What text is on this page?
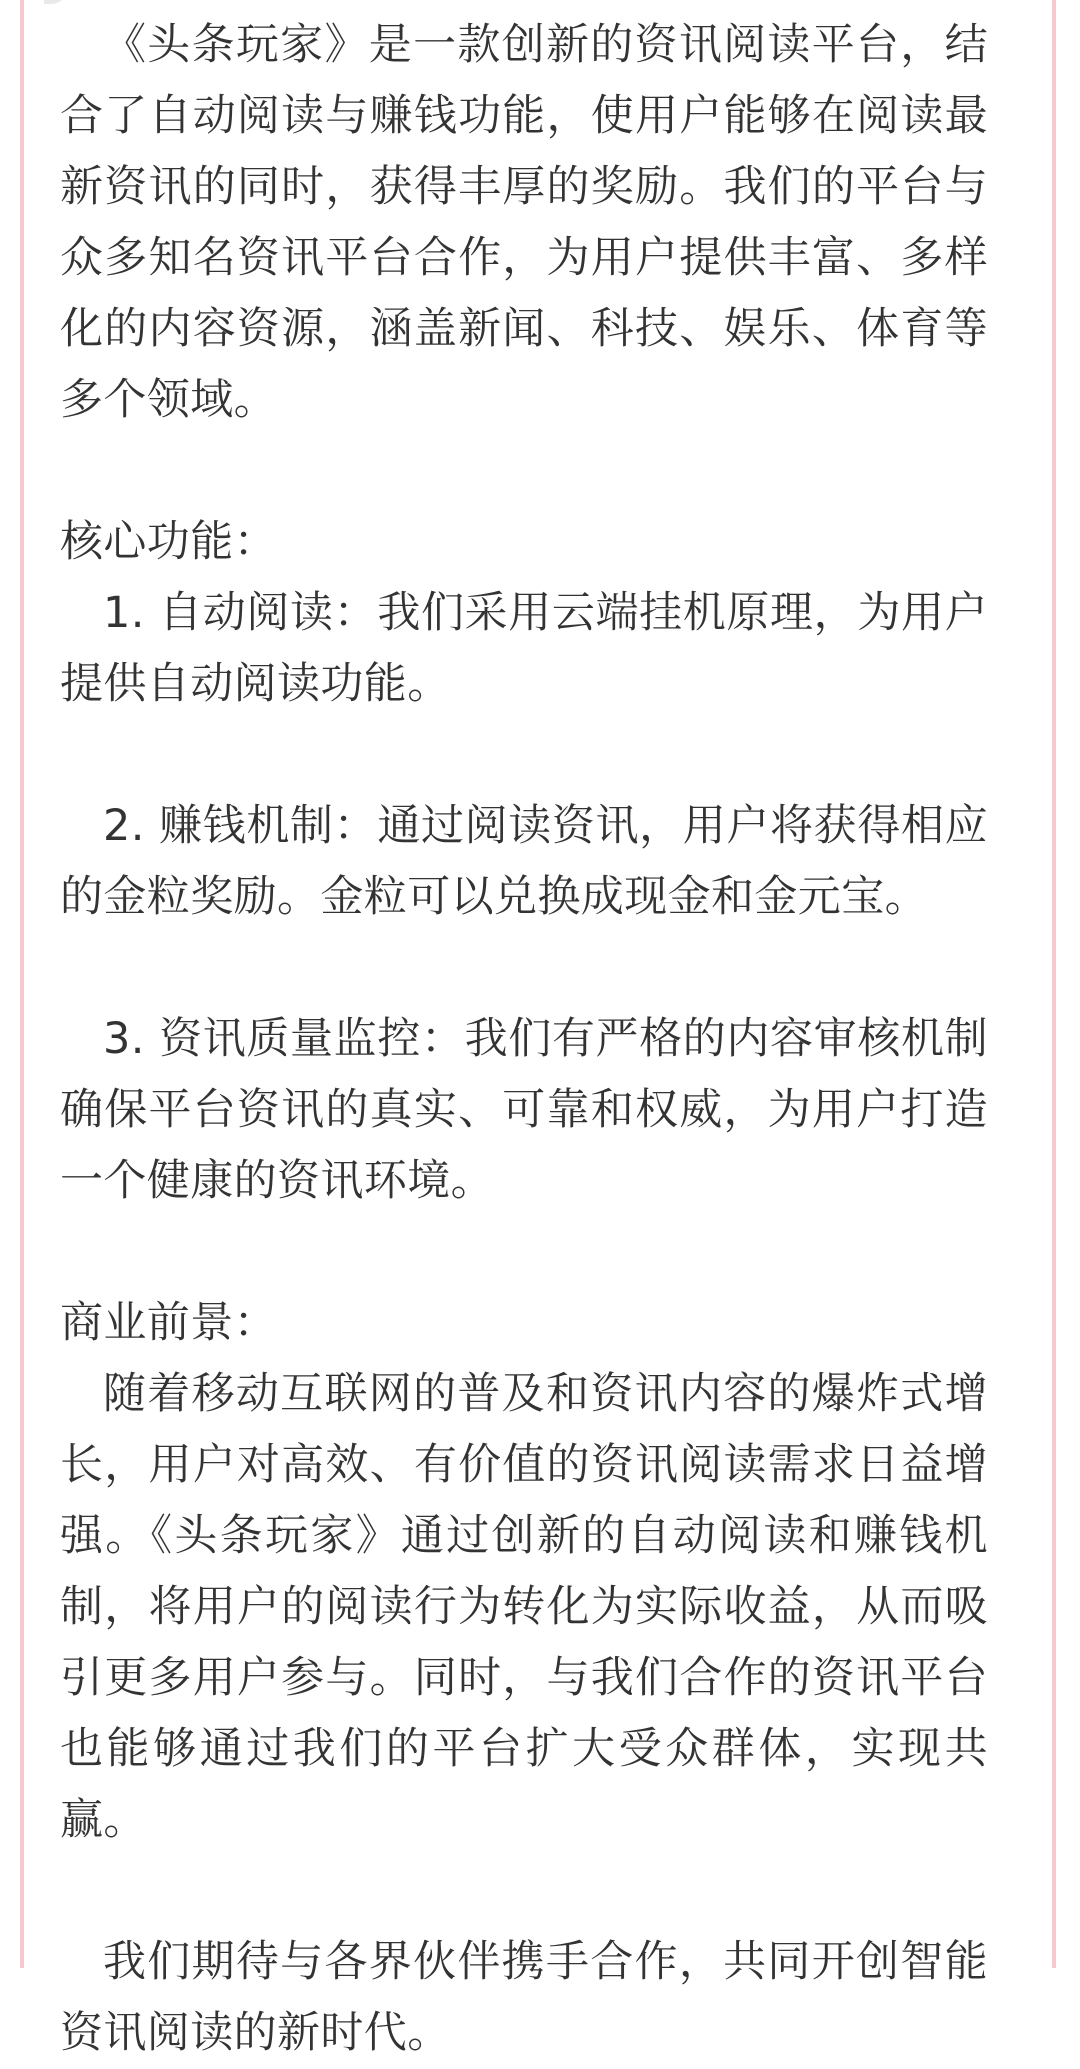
《头条玩家》是一款创新的资讯阅读平台，结合了自动阅读与赚钱功能，使用户能够在阅读最新资讯的同时，获得丰厚的奖励。我们的平台与众多知名资讯平台合作，为用户提供丰富、多样化的内容资源，涵盖新闻、科技、娱乐、体育等多个领域。

核心功能：

1. 自动阅读：我们采用云端挂机原理，为用户提供自动阅读功能。

2. 赚钱机制：通过阅读资讯，用户将获得相应的金粒奖励。金粒可以兑换成现金和金元宝。

3. 资讯质量监控：我们有严格的内容审核机制确保平台资讯的真实、可靠和权威，为用户打造一个健康的资讯环境。

商业前景：

随着移动互联网的普及和资讯内容的爆炸式增长，用户对高效、有价值的资讯阅读需求日益增强。《头条玩家》通过创新的自动阅读和赚钱机制，将用户的阅读行为转化为实际收益，从而吸引更多用户参与。同时，与我们合作的资讯平台也能够通过我们的平台扩大受众群体，实现共赢。

我们期待与各界伙伴携手合作，共同开创智能资讯阅读的新时代。
